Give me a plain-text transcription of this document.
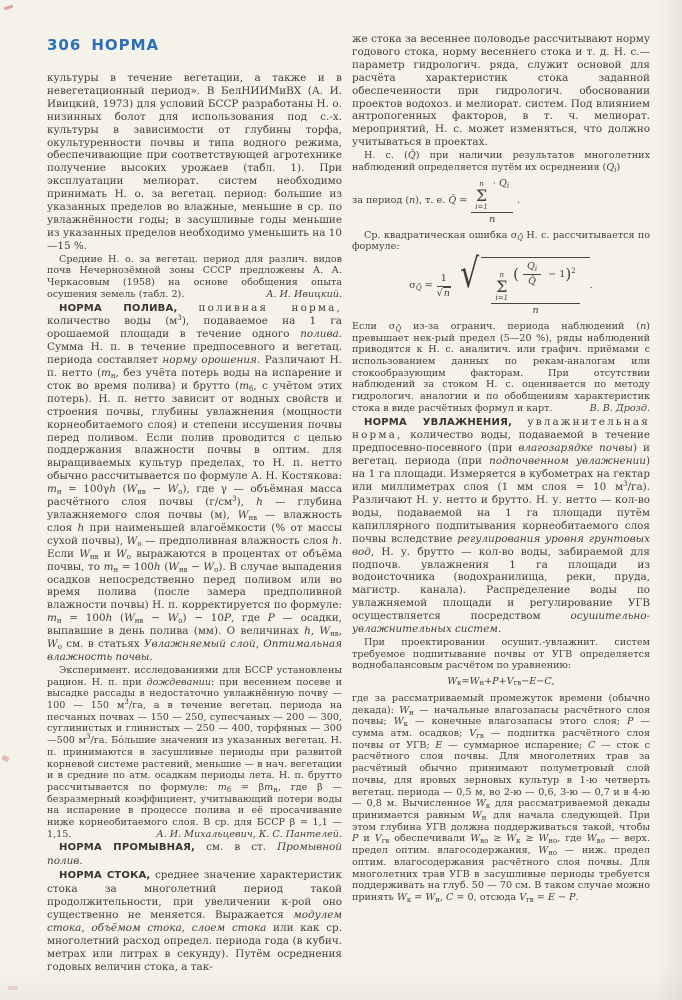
306 НОРМА

культуры в течение вегетации, а также и в невегетационный период». В БелНИИМиВХ (А. И. Ивицкий, 1973) для условий БССР разработаны Н. о. низинных болот для использования под с.-х. культуры в зависимости от глубины торфа, окультуренности почвы и типа водного режима, обеспечивающие при соответствующей агротехнике получение высоких урожаев (табл. 1). При эксплуатации мелиорат. систем необходимо принимать Н. о. за вегетац. период: большие из указанных пределов во влажные, меньшие в ср. по увлажнённости годы; в засушливые годы меньшие из указанных пределов необходимо уменьшить на 10—15 %.

Средние Н. о. за вегетац. период для различ. видов почв Нечернозёмной зоны СССР предложены А. А. Черкасовым (1958) на основе обобщения опыта осушения земель (табл. 2).	А. И. Ивицкий.

НОРМА ПОЛИВА, поливная норма, количество воды $(м^3)$, подаваемое на 1 га орошаемой площади в течение одного полива. Сумма Н. п. в течение предпосевного и вегетац. периода составляет норму орошения. Различают Н. п. нетто ($m_н$, без учёта потерь воды на испарение и сток во время полива) и брутто ($m_б$, с учётом этих потерь). Н. п. нетто зависит от водных свойств и строения почвы, глубины увлажнения (мощности корнеобитаемого слоя) и степени иссушения почвы перед поливом. Если полив проводится с целью поддержания влажности почвы в оптим. для выращиваемых культур пределах, то Н. п. нетто обычно рассчитывается по формуле А. Н. Костякова: $m_н = 100\gamma h$ $(W_{нв} - W_о)$, где γ — объёмная масса расчётного слоя почвы $(г/см^3)$, h — глубина увлажняемого слоя почвы (м), $W_{нв}$ — влажность слоя h при наименьшей влагоёмкости (% от массы сухой почвы), $W_о$ — предполивная влажность слоя h. Если $W_{нв}$ и $W_о$ выражаются в процентах от объёма почвы, то $m_н = 100h$ $(W_{нв} - W_о)$. В случае выпадения осадков непосредственно перед поливом или во время полива (после замера предполивной влажности почвы) Н. п. корректируется по формуле: $m_н = 100h$ $(W_{нв} - W_о) - 10P$, где P — осадки, выпавшие в день полива (мм). О величинах h, $W_{нв}$, $W_о$ см. в статьях Увлажняемый слой, Оптимальная влажность почвы.

Эксперимент. исследованиями для БССР установлены рацион. Н. п. при дождевании: при весеннем посеве и высадке рассады в недостаточно увлажнённую почву — 100 — 150 $м^3/га$, а в течение вегетац. периода на песчаных почвах — 150 — 250, супесчаных — 200 — 300, суглинистых и глинистых — 250 — 400, торфяных — 300—500 $м^3/га$. Бо́льшие значения из указанных вегетац. Н. п. принимаются в засушливые периоды при развитой корневой системе растений, меньшие — в нач. вегетации и в средние по атм. осадкам периоды лета. Н. п. брутто рассчитывается по формуле: $m_б = \beta m_н$, где β — безразмерный коэффициент, учитывающий потери воды на испарение в процессе полива и её просачивание ниже корнеобитаемого слоя. В ср. для БССР β = 1,1 — 1,15.	А. И. Михальцевич, К. С. Пантелей.

НОРМА ПРОМЫВНАЯ, см. в ст. Промывной полив.

НОРМА СТОКА, среднее значение характеристик стока за многолетний период такой продолжительности, при увеличении к-рой оно существенно не меняется. Выражается модулем стока, объёмом стока, слоем стока или как ср. многолетний расход определ. периода года (в кубич. метрах или литрах в секунду). Путём осреднения годовых величин стока, а так-

же стока за весеннее половодье рассчитывают норму годового стока, норму весеннего стока и т. д. Н. с.— параметр гидрологич. ряда, служит основой для расчёта характеристик стока заданной обеспеченности при гидрологич. обосновании проектов водохоз. и мелиорат. систем. Под влиянием антропогенных факторов, в т. ч. мелиорат. мероприятий, Н. с. может изменяться, что должно учитываться в проектах.

Н. с. (Q̄) при наличии результатов многолетних наблюдений определяется путём их осреднения $(Q_i)$

за период (n), т. е. Q̄ = n
Σ
i=1
· $Q_i$
n .

Ср. квадратическая ошибка $\sigma_{Q̄}$ Н. с. рассчитывается по формуле:

$\sigma_{Q̄} = \frac{1}{√n}$ √ n
Σ
i=1
( $\frac{Q_i}{Q̄} - 1)^2$
n .

Если $\sigma_{Q̄}$ из-за огранич. периода наблюдений (n) превышает нек-рый предел (5—20 %), ряды наблюдений приводятся к Н. с. аналитич. или графич. приёмами с использованием данных по рекам-аналогам или стокообразующим факторам. При отсутствии наблюдений за стоком Н. с. оценивается по методу гидрологич. аналогии и по обобщениям характеристик стока в виде расчётных формул и карт.	В. В. Дрозд.

НОРМА УВЛАЖНЕНИЯ, увлажнительная норма, количество воды, подаваемой в течение предпосевно-посевного (при влагозарядке почвы) и вегетац. периода (при подпочвенном увлажнении) на 1 га площади. Измеряется в кубометрах на гектар или миллиметрах слоя (1 мм слоя = 10 $м^3/га$). Различают Н. у. нетто и брутто. Н. у. нетто — кол-во воды, подаваемой на 1 га площади путём капиллярного подпитывания корнеобитаемого слоя почвы вследствие регулирования уровня грунтовых вод, Н. у. брутто — кол-во воды, забираемой для подпочв. увлажнения 1 га площади из водоисточника (водохранилища, реки, пруда, магистр. канала). Распределение воды по увлажняемой площади и регулирование УГВ осуществляется посредством осушительно-увлажнительных систем.

При проектировании осушит.-увлажнит. систем требуемое подпитывание почвы от УГВ определяется воднобалансовым расчётом по уравнению:

W к = W н + P + V гв − E − C ,

где за рассматриваемый промежуток времени (обычно декада): $W_н$ — начальные влагозапасы расчётного слоя почвы; $W_к$ — конечные влагозапасы этого слоя; P — сумма атм. осадков; $V_{гв}$ — подпитка расчётного слоя почвы от УГВ; E — суммарное испарение; C — сток с расчётного слоя почвы. Для многолетних трав за расчётный обычно принимают полуметровый слой почвы, для яровых зерновых культур в 1-ю четверть вегетац. периода — 0,5 м, во 2-ю — 0,6, 3-ю — 0,7 и в 4-ю — 0,8 м. Вычисленное $W_к$ для рассматриваемой декады принимается равным $W_н$ для начала следующей. При этом глубина УГВ должна поддерживаться такой, чтобы P и $V_{гв}$ обеспечивали $W_{во} \ge W_к \ge W_{но}$, где $W_{во}$ — верх. предел оптим. влагосодержания, $W_{но}$ — ниж. предел оптим. влагосодержания расчётного слоя почвы. Для многолетних трав УГВ в засушливые периоды требуется поддерживать на глуб. 50 — 70 см. В таком случае можно принять $W_к = W_н$, C = 0, отсюда $V_{гв} = E - P$.
